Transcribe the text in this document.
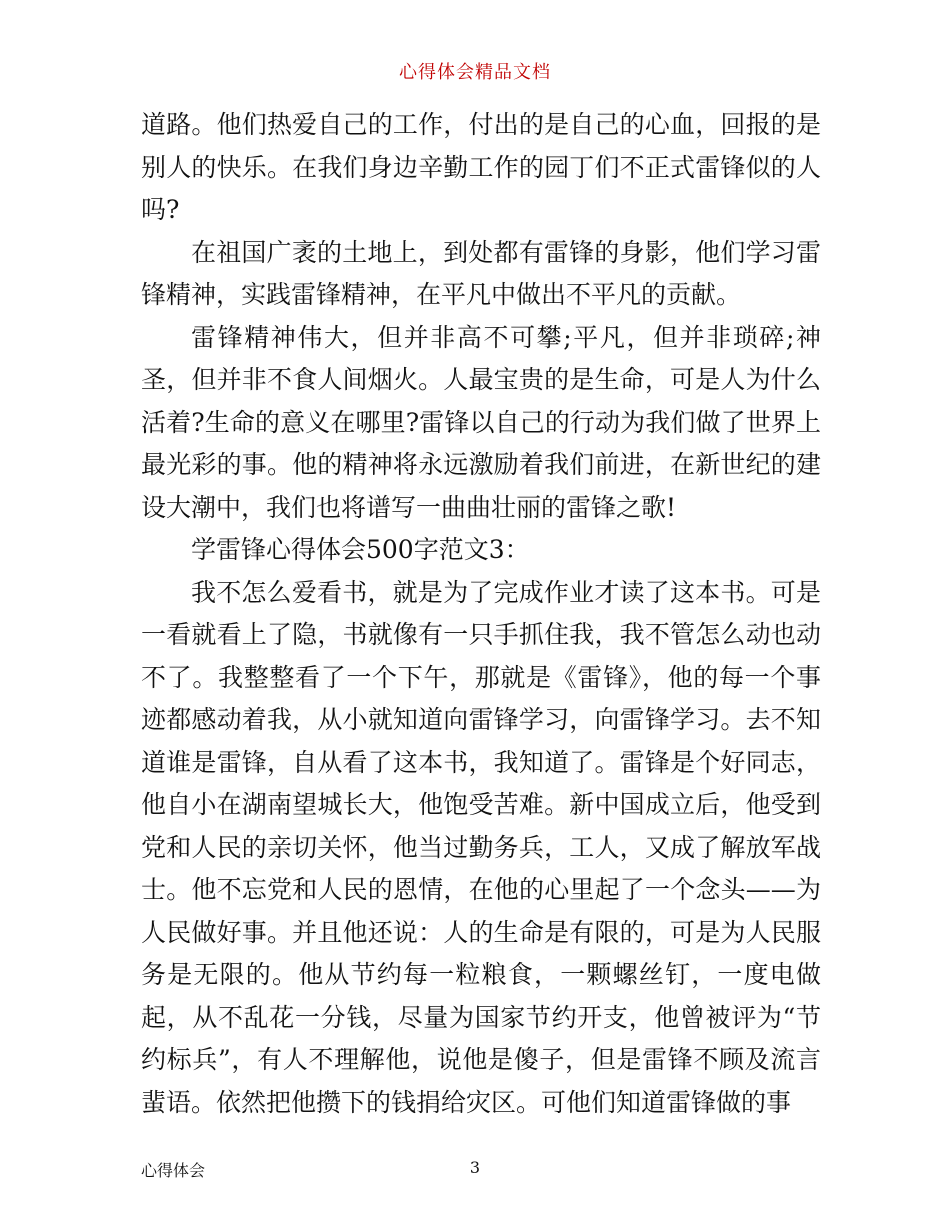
心得体会精品文档

道路。他们热爱自己的工作，付出的是自己的心血，回报的是别人的快乐。在我们身边辛勤工作的园丁们不正式雷锋似的人吗?

在祖国广袤的土地上，到处都有雷锋的身影，他们学习雷锋精神，实践雷锋精神，在平凡中做出不平凡的贡献。

雷锋精神伟大，但并非高不可攀;平凡，但并非琐碎;神圣，但并非不食人间烟火。人最宝贵的是生命，可是人为什么活着?生命的意义在哪里?雷锋以自己的行动为我们做了世界上最光彩的事。他的精神将永远激励着我们前进，在新世纪的建设大潮中，我们也将谱写一曲曲壮丽的雷锋之歌!

学雷锋心得体会500字范文3：

我不怎么爱看书，就是为了完成作业才读了这本书。可是一看就看上了隐，书就像有一只手抓住我，我不管怎么动也动不了。我整整看了一个下午，那就是《雷锋》，他的每一个事迹都感动着我，从小就知道向雷锋学习，向雷锋学习。去不知道谁是雷锋，自从看了这本书，我知道了。雷锋是个好同志，他自小在湖南望城长大，他饱受苦难。新中国成立后，他受到党和人民的亲切关怀，他当过勤务兵，工人，又成了解放军战士。他不忘党和人民的恩情，在他的心里起了一个念头——为人民做好事。并且他还说：人的生命是有限的，可是为人民服务是无限的。他从节约每一粒粮食，一颗螺丝钉，一度电做起，从不乱花一分钱，尽量为国家节约开支，他曾被评为“节约标兵”，有人不理解他，说他是傻子，但是雷锋不顾及流言蜚语。依然把他攒下的钱捐给灾区。可他们知道雷锋做的事

心得体会	3
